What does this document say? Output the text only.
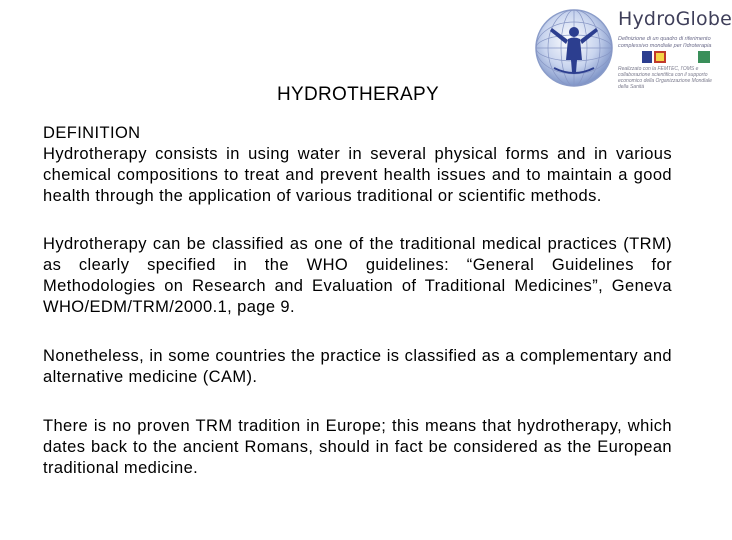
HydroGlobe
Definizione di un quadro di riferimento complessivo mondiale per l'idroterapia
Realizzato con la FEMTEC, l'OMS e collaborazione scientifica con il supporto economico della Organizzazione Mondiale della Sanità
HYDROTHERAPY
DEFINITION

Hydrotherapy consists in using water in several physical forms and in various chemical compositions to treat and prevent health issues and to maintain a good health through the application of various traditional or scientific methods.

Hydrotherapy can be classified as one of the traditional medical practices (TRM) as clearly specified in the WHO guidelines: “General Guidelines for Methodologies on Research and Evaluation of Traditional Medicines”, Geneva WHO/EDM/TRM/2000.1, page 9.

Nonetheless, in some countries the practice is classified as a complementary and alternative medicine (CAM).

There is no proven TRM tradition in Europe; this means that hydrotherapy, which dates back to the ancient Romans, should in fact be considered as the European traditional medicine.
